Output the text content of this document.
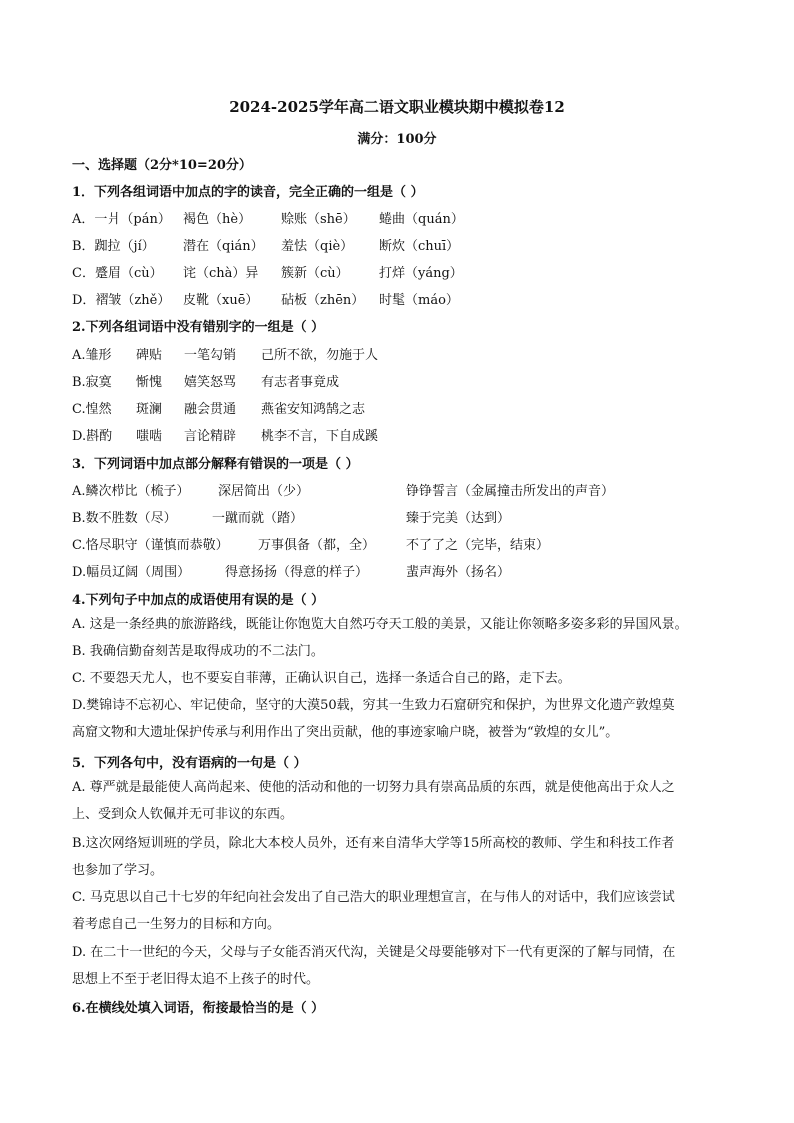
2024-2025学年高二语文职业模块期中模拟卷12
满分：100分
一、选择题（2分*10=20分）
1．下列各组词语中加点的字的读音，完全正确的一组是（ ）
A．一爿（pán） 褐色（hè） 赊账（shē） 蜷曲（quán）
B．踟拉（jí） 潜在（qián） 羞怯（qiè） 断炊（chuī）
C．蹙眉（cù） 诧（chà）异 簇新（cù） 打烊（yáng）
D．褶皱（zhě） 皮靴（xuē） 砧板（zhēn） 时髦（máo）
2.下列各组词语中没有错别字的一组是（ ）
A.雏形 碑贴 一笔勾销 己所不欲，勿施于人
B.寂寞 惭愧 嬉笑怒骂 有志者事竟成
C.惶然 斑澜 融会贯通 燕雀安知鸿鹄之志
D.斟酌 嗤啮 言论精辟 桃李不言，下自成蹊
3．下列词语中加点部分解释有错误的一项是（ ）
A.鳞次栉比（梳子） 深居简出（少）	铮铮誓言（金属撞击所发出的声音）
B.数不胜数（尽）	一蹴而就（踏）	臻于完美（达到）
C.恪尽职守（谨慎而恭敬） 万事俱备（都，全） 不了了之（完毕，结束）
D.幅员辽阔（周围）	得意扬扬（得意的样子）	蜚声海外（扬名）
4.下列句子中加点的成语使用有误的是（ ）
A. 这是一条经典的旅游路线，既能让你饱览大自然巧夺天工般的美景，又能让你领略多姿多彩的异国风景。
B. 我确信勤奋刻苦是取得成功的不二法门。
C. 不要怨天尤人，也不要妄自菲薄，正确认识自己，选择一条适合自己的路，走下去。
D.樊锦诗不忘初心、牢记使命，坚守的大漠50载，穷其一生致力石窟研究和保护，为世界文化遗产敦煌莫
高窟文物和大遗址保护传承与利用作出了突出贡献，他的事迹家喻户晓，被誉为“敦煌的女儿”。
5．下列各句中，没有语病的一句是（ ）
A. 尊严就是最能使人高尚起来、使他的活动和他的一切努力具有崇高品质的东西，就是使他高出于众人之
上、受到众人钦佩并无可非议的东西。
B.这次网络短训班的学员，除北大本校人员外，还有来自清华大学等15所高校的教师、学生和科技工作者
也参加了学习。
C. 马克思以自己十七岁的年纪向社会发出了自己浩大的职业理想宣言，在与伟人的对话中，我们应该尝试
着考虑自己一生努力的目标和方向。
D. 在二十一世纪的今天，父母与子女能否消灭代沟，关键是父母要能够对下一代有更深的了解与同情，在
思想上不至于老旧得太追不上孩子的时代。
6.在横线处填入词语，衔接最恰当的是（ ）
